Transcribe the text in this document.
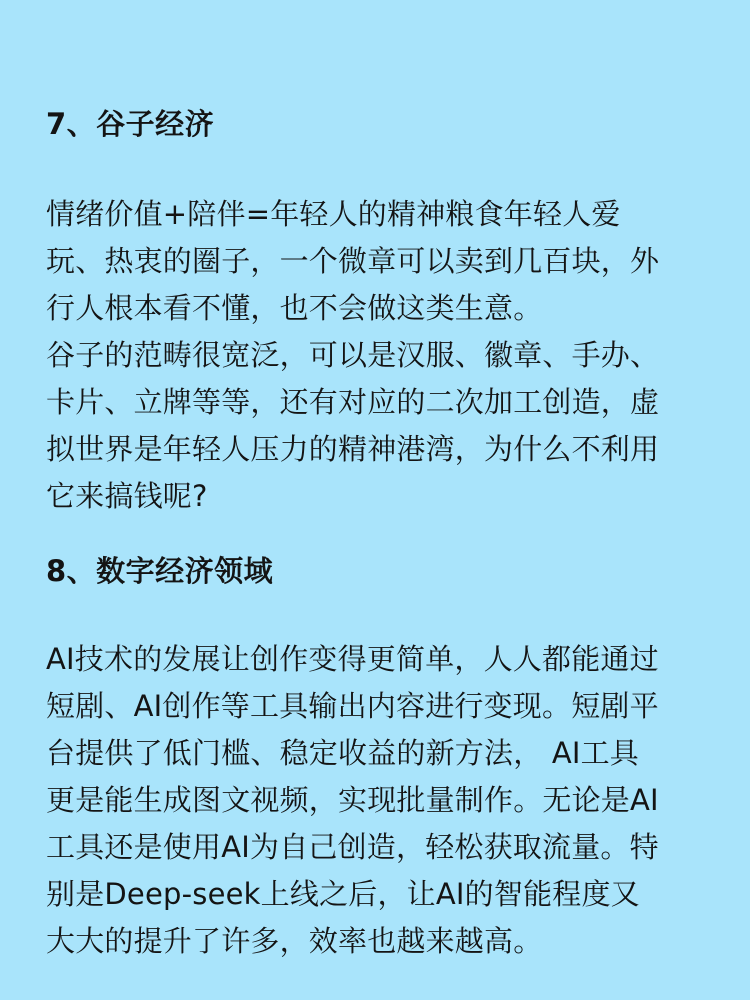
7、谷子经济
情绪价值+陪伴=年轻人的精神粮食年轻人爱
玩、热衷的圈子，一个微章可以卖到几百块，外
行人根本看不懂，也不会做这类生意。
谷子的范畴很宽泛，可以是汉服、徽章、手办、
卡片、立牌等等，还有对应的二次加工创造，虚
拟世界是年轻人压力的精神港湾，为什么不利用
它来搞钱呢?
8、数字经济领域
AI技术的发展让创作变得更简单，人人都能通过
短剧、AI创作等工具输出内容进行变现。短剧平
台提供了低门槛、稳定收益的新方法， AI工具
更是能生成图文视频，实现批量制作。无论是AI
工具还是使用AI为自己创造，轻松获取流量。特
别是Deep-seek上线之后，让AI的智能程度又
大大的提升了许多，效率也越来越高。
